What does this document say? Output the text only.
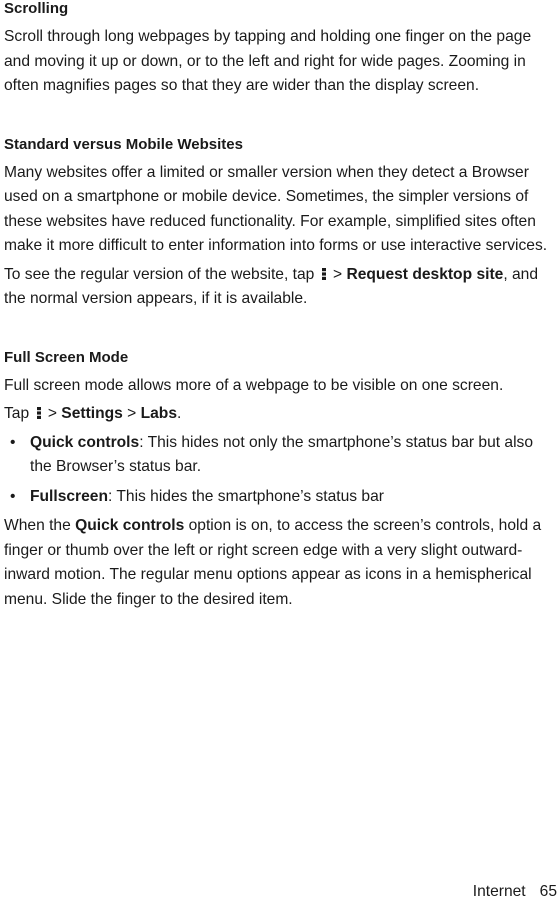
Scrolling

Scroll through long webpages by tapping and holding one finger on the page and moving it up or down, or to the left and right for wide pages. Zooming in often magnifies pages so that they are wider than the display screen.

Standard versus Mobile Websites

Many websites offer a limited or smaller version when they detect a Browser used on a smartphone or mobile device. Sometimes, the simpler versions of these websites have reduced functionality. For example, simplified sites often make it more difficult to enter information into forms or use interactive services.

To see the regular version of the website, tap > Request desktop site, and the normal version appears, if it is available.

Full Screen Mode

Full screen mode allows more of a webpage to be visible on one screen.

Tap > Settings > Labs.

• Quick controls: This hides not only the smartphone’s status bar but also the Browser’s status bar.
• Fullscreen: This hides the smartphone’s status bar

When the Quick controls option is on, to access the screen’s controls, hold a finger or thumb over the left or right screen edge with a very slight outward-inward motion. The regular menu options appear as icons in a hemispherical menu. Slide the finger to the desired item.

Internet 65
